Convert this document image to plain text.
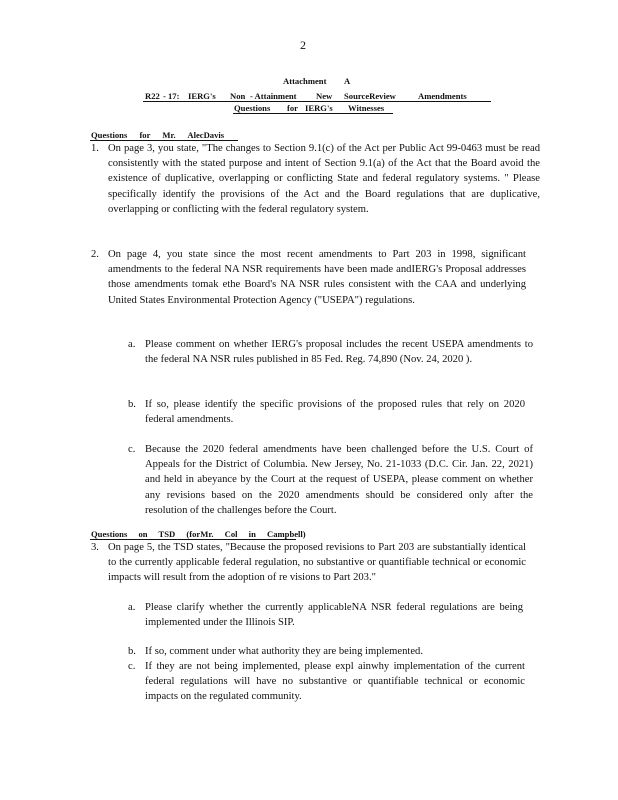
2
Attachment A
R22 - 17: IERG's Non - Attainment New SourceReview	Amendments
Questions for IERG's Witnesses
Questions for Mr. AlecDavis
1. On page 3, you state, "The changes to Section 9.1(c) of the Act per Public Act 99-0463 must be read consistently with the stated purpose and intent of Section 9.1(a) of the Act that the Board avoid the existence of duplicative, overlapping or conflicting State and federal regulatory systems. " Please specifically identify the provisions of the Act and the Board regulations that are duplicative, overlapping or conflicting with the federal regulatory system.
2. On page 4, you state since the most recent amendments to Part 203 in 1998, significant amendments to the federal NA NSR requirements have been made andIERG's Proposal addresses those amendments tomak ethe Board's NA NSR rules consistent with the CAA and underlying United States Environmental Protection Agency ("USEPA") regulations.
a. Please comment on whether IERG's proposal includes the recent USEPA amendments to the federal NA NSR rules published in 85 Fed. Reg. 74,890 (Nov. 24, 2020 ).
b. If so, please identify the specific provisions of the proposed rules that rely on 2020 federal amendments.
c. Because the 2020 federal amendments have been challenged before the U.S. Court of Appeals for the District of Columbia. New Jersey, No. 21-1033 (D.C. Cir. Jan. 22, 2021) and held in abeyance by the Court at the request of USEPA, please comment on whether any revisions based on the 2020 amendments should be considered only after the resolution of the challenges before the Court.
Questions on TSD (forMr. Col in Campbell)
3. On page 5, the TSD states, "Because the proposed revisions to Part 203 are substantially identical to the currently applicable federal regulation, no substantive or quantifiable technical or economic impacts will result from the adoption of re visions to Part 203."
a. Please clarify whether the currently applicableNA NSR federal regulations are being implemented under the Illinois SIP.
b. If so, comment under what authority they are being implemented.
c. If they are not being implemented, please expl ainwhy implementation of the current federal regulations will have no substantive or quantifiable technical or economic impacts on the regulated community.
